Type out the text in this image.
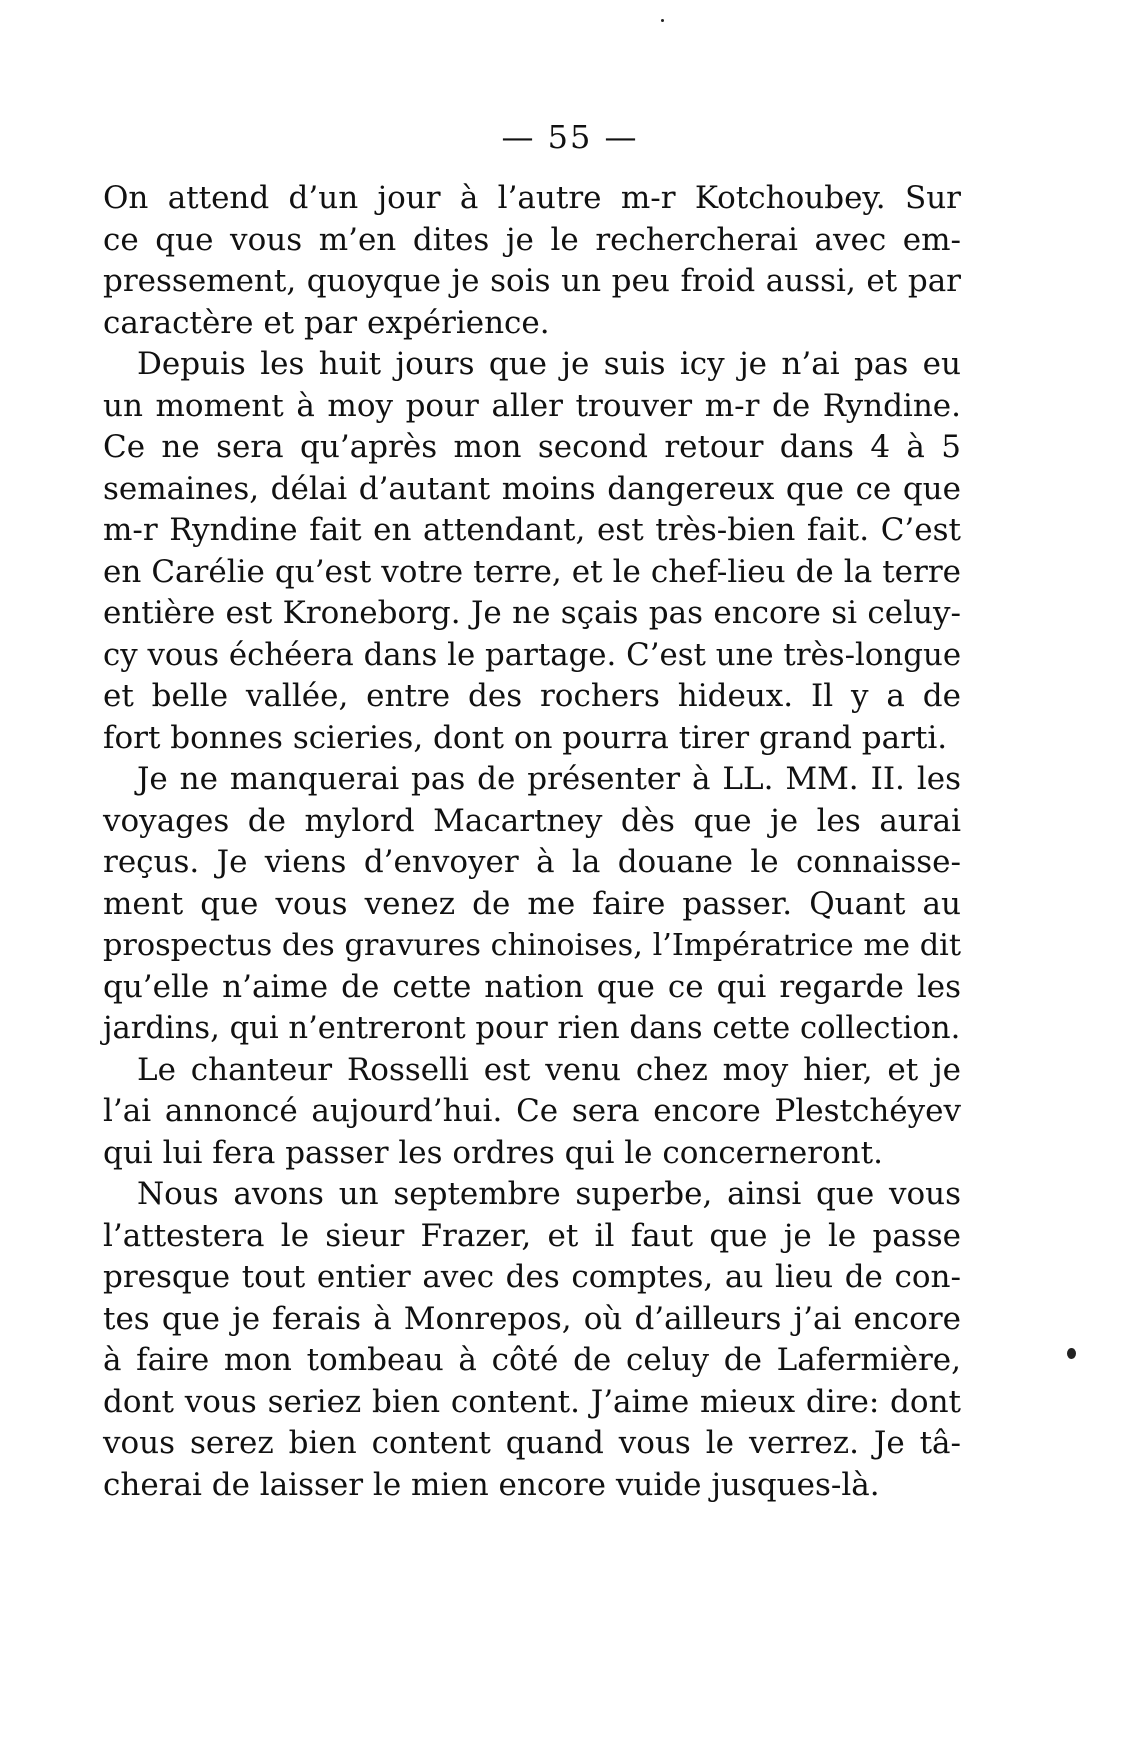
— 55 —
On attend d’un jour à l’autre m-r Kotchoubey. Sur
ce que vous m’en dites je le rechercherai avec em-
pressement, quoyque je sois un peu froid aussi, et par
caractère et par expérience.
Depuis les huit jours que je suis icy je n’ai pas eu
un moment à moy pour aller trouver m-r de Ryndine.
Ce ne sera qu’après mon second retour dans 4 à 5
semaines, délai d’autant moins dangereux que ce que
m-r Ryndine fait en attendant, est très-bien fait. C’est
en Carélie qu’est votre terre, et le chef-lieu de la terre
entière est Kroneborg. Je ne sçais pas encore si celuy-
cy vous échéera dans le partage. C’est une très-longue
et belle vallée, entre des rochers hideux. Il y a de
fort bonnes scieries, dont on pourra tirer grand parti.
Je ne manquerai pas de présenter à LL. MM. II. les
voyages de mylord Macartney dès que je les aurai
reçus. Je viens d’envoyer à la douane le connaisse-
ment que vous venez de me faire passer. Quant au
prospectus des gravures chinoises, l’Impératrice me dit
qu’elle n’aime de cette nation que ce qui regarde les
jardins, qui n’entreront pour rien dans cette collection.
Le chanteur Rosselli est venu chez moy hier, et je
l’ai annoncé aujourd’hui. Ce sera encore Plestchéyev
qui lui fera passer les ordres qui le concerneront.
Nous avons un septembre superbe, ainsi que vous
l’attestera le sieur Frazer, et il faut que je le passe
presque tout entier avec des comptes, au lieu de con-
tes que je ferais à Monrepos, où d’ailleurs j’ai encore
à faire mon tombeau à côté de celuy de Lafermière,
dont vous seriez bien content. J’aime mieux dire: dont
vous serez bien content quand vous le verrez. Je tâ-
cherai de laisser le mien encore vuide jusques-là.
